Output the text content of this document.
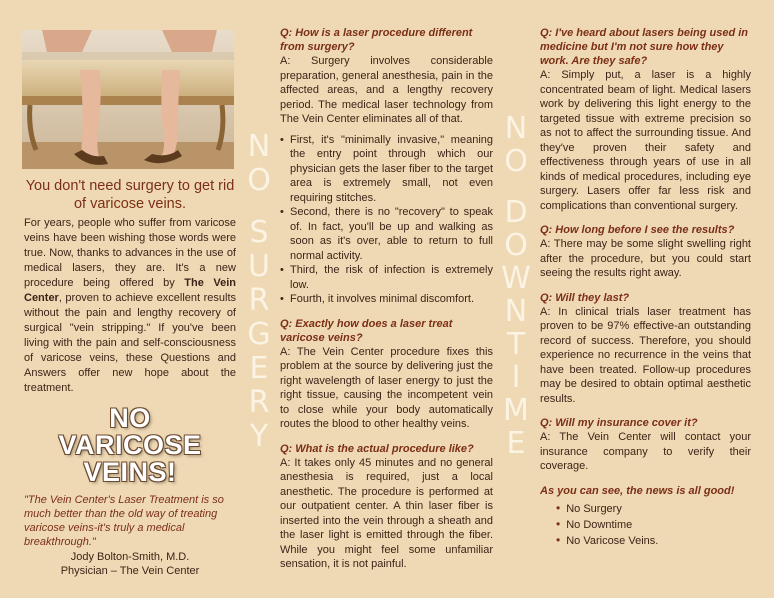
You don't need surgery to get rid of varicose veins.
For years, people who suffer from varicose veins have been wishing those words were true. Now, thanks to advances in the use of medical lasers, they are. It's a new procedure being offered by The Vein Center, proven to achieve excellent results without the pain and lengthy recovery of surgical "vein stripping." If you've been living with the pain and self-consciousness of varicose veins, these Questions and Answers offer new hope about the treatment.
NO
VARICOSE
VEINS!
"The Vein Center's Laser Treatment is so much better than the old way of treating varicose veins-it's truly a medical breakthrough."
Jody Bolton-Smith, M.D.
Physician – The Vein Center
N
O
S
U
R
G
E
R
Y
N
O
D
O
W
N
T
I
M
E
Q: How is a laser procedure different from surgery?
A: Surgery involves considerable preparation, general anesthesia, pain in the affected areas, and a lengthy recovery period. The medical laser technology from The Vein Center eliminates all of that.
• First, it's "minimally invasive," meaning the entry point through which our physician gets the laser fiber to the target area is extremely small, not even requiring stitches.
• Second, there is no "recovery" to speak of. In fact, you'll be up and walking as soon as it's over, able to return to full normal activity.
• Third, the risk of infection is extremely low.
• Fourth, it involves minimal discomfort.
Q: Exactly how does a laser treat varicose veins?
A: The Vein Center procedure fixes this problem at the source by delivering just the right wavelength of laser energy to just the right tissue, causing the incompetent vein to close while your body automatically routes the blood to other healthy veins.
Q: What is the actual procedure like?
A: It takes only 45 minutes and no general anesthesia is required, just a local anesthetic. The procedure is performed at our outpatient center. A thin laser fiber is inserted into the vein through a sheath and the laser light is emitted through the fiber. While you might feel some unfamiliar sensation, it is not painful.
Q: I've heard about lasers being used in medicine but I'm not sure how they work. Are they safe?
A: Simply put, a laser is a highly concentrated beam of light. Medical lasers work by delivering this light energy to the targeted tissue with extreme precision so as not to affect the surrounding tissue. And they've proven their safety and effectiveness through years of use in all kinds of medical procedures, including eye surgery. Lasers offer far less risk and complications than conventional surgery.
Q: How long before I see the results?
A: There may be some slight swelling right after the procedure, but you could start seeing the results right away.
Q: Will they last?
A: In clinical trials laser treatment has proven to be 97% effective-an outstanding record of success. Therefore, you should experience no recurrence in the veins that have been treated. Follow-up procedures may be desired to obtain optimal aesthetic results.
Q: Will my insurance cover it?
A: The Vein Center will contact your insurance company to verify their coverage.
As you can see, the news is all good!
• No Surgery
• No Downtime
• No Varicose Veins.
